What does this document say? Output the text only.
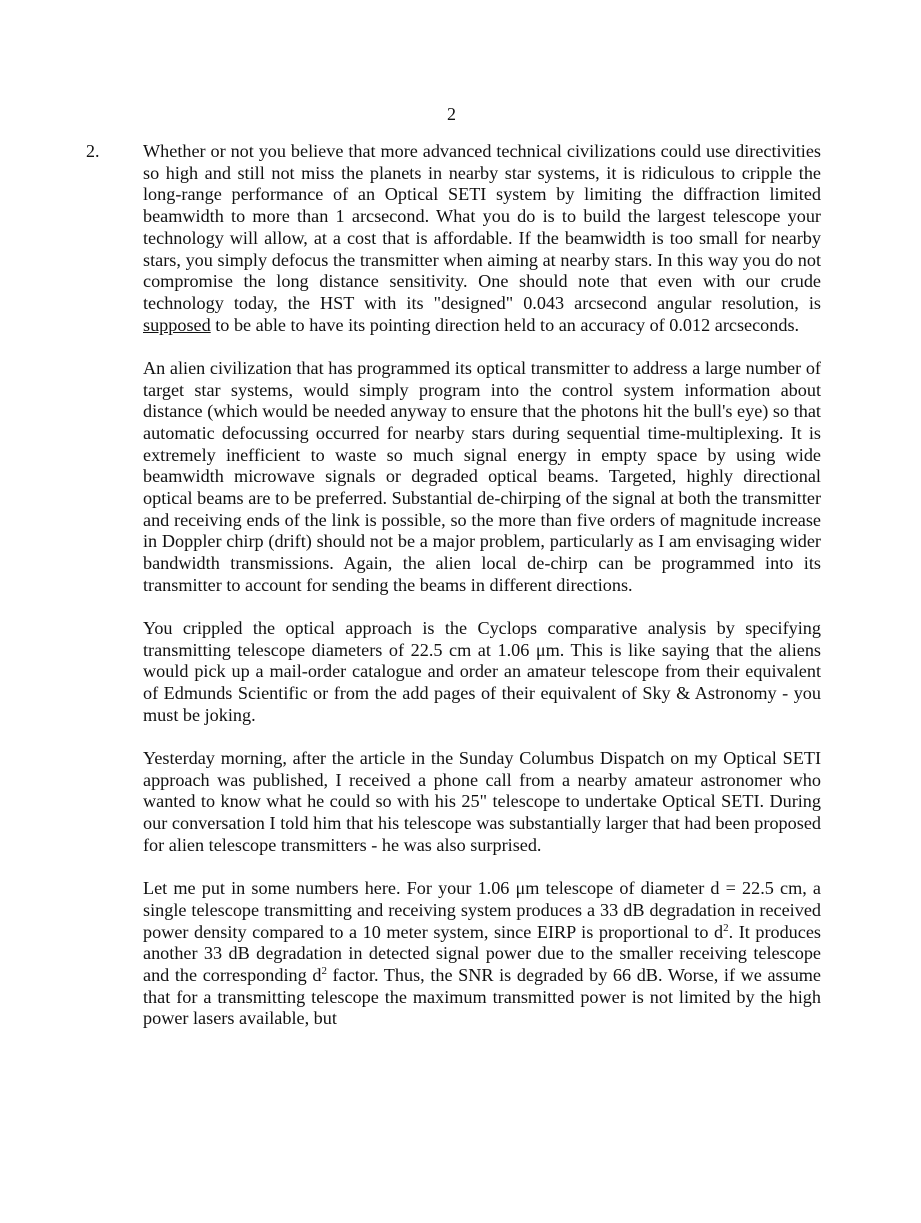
2
2. Whether or not you believe that more advanced technical civilizations could use directivities so high and still not miss the planets in nearby star systems, it is ridiculous to cripple the long-range performance of an Optical SETI system by limiting the diffraction limited beamwidth to more than 1 arcsecond. What you do is to build the largest telescope your technology will allow, at a cost that is affordable. If the beamwidth is too small for nearby stars, you simply defocus the transmitter when aiming at nearby stars. In this way you do not compromise the long distance sensitivity. One should note that even with our crude technology today, the HST with its "designed" 0.043 arcsecond angular resolution, is supposed to be able to have its pointing direction held to an accuracy of 0.012 arcseconds.

An alien civilization that has programmed its optical transmitter to address a large number of target star systems, would simply program into the control system information about distance (which would be needed anyway to ensure that the photons hit the bull's eye) so that automatic defocussing occurred for nearby stars during sequential time-multiplexing. It is extremely inefficient to waste so much signal energy in empty space by using wide beamwidth microwave signals or degraded optical beams. Targeted, highly directional optical beams are to be preferred. Substantial de-chirping of the signal at both the transmitter and receiving ends of the link is possible, so the more than five orders of magnitude increase in Doppler chirp (drift) should not be a major problem, particularly as I am envisaging wider bandwidth transmissions. Again, the alien local de-chirp can be programmed into its transmitter to account for sending the beams in different directions.

You crippled the optical approach is the Cyclops comparative analysis by specifying transmitting telescope diameters of 22.5 cm at 1.06 μm. This is like saying that the aliens would pick up a mail-order catalogue and order an amateur telescope from their equivalent of Edmunds Scientific or from the add pages of their equivalent of Sky & Astronomy - you must be joking.

Yesterday morning, after the article in the Sunday Columbus Dispatch on my Optical SETI approach was published, I received a phone call from a nearby amateur astronomer who wanted to know what he could so with his 25" telescope to undertake Optical SETI. During our conversation I told him that his telescope was substantially larger that had been proposed for alien telescope transmitters - he was also surprised.

Let me put in some numbers here. For your 1.06 μm telescope of diameter d = 22.5 cm, a single telescope transmitting and receiving system produces a 33 dB degradation in received power density compared to a 10 meter system, since EIRP is proportional to $d^2$. It produces another 33 dB degradation in detected signal power due to the smaller receiving telescope and the corresponding $d^2$ factor. Thus, the SNR is degraded by 66 dB. Worse, if we assume that for a transmitting telescope the maximum transmitted power is not limited by the high power lasers available, but
